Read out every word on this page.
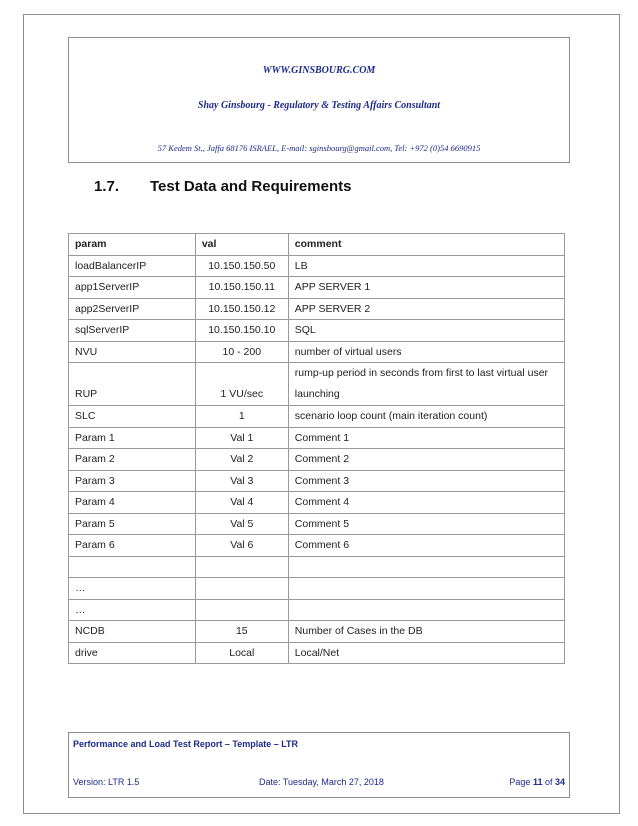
WWW.GINSBOURG.COM
Shay Ginsbourg - Regulatory & Testing Affairs Consultant
57 Kedem St., Jaffa 68176 ISRAEL, E-mail: sginsbourg@gmail.com, Tel: +972 (0)54 6690915
1.7. Test Data and Requirements
param	val	comment
loadBalancerIP	10.150.150.50	LB
app1ServerIP	10.150.150.11	APP SERVER 1
app2ServerIP	10.150.150.12	APP SERVER 2
sqlServerIP	10.150.150.10	SQL
NVU	10 - 200	number of virtual users
RUP	1 VU/sec	rump-up period in seconds from first to last virtual user launching
SLC	1	scenario loop count (main iteration count)
Param 1	Val 1	Comment 1
Param 2	Val 2	Comment 2
Param 3	Val 3	Comment 3
Param 4	Val 4	Comment 4
Param 5	Val 5	Comment 5
Param 6	Val 6	Comment 6

…		
…		
NCDB	15	Number of Cases in the DB
drive	Local	Local/Net
Performance and Load Test Report – Template – LTR
Version: LTR 1.5	Date: Tuesday, March 27, 2018	Page 11 of 34
